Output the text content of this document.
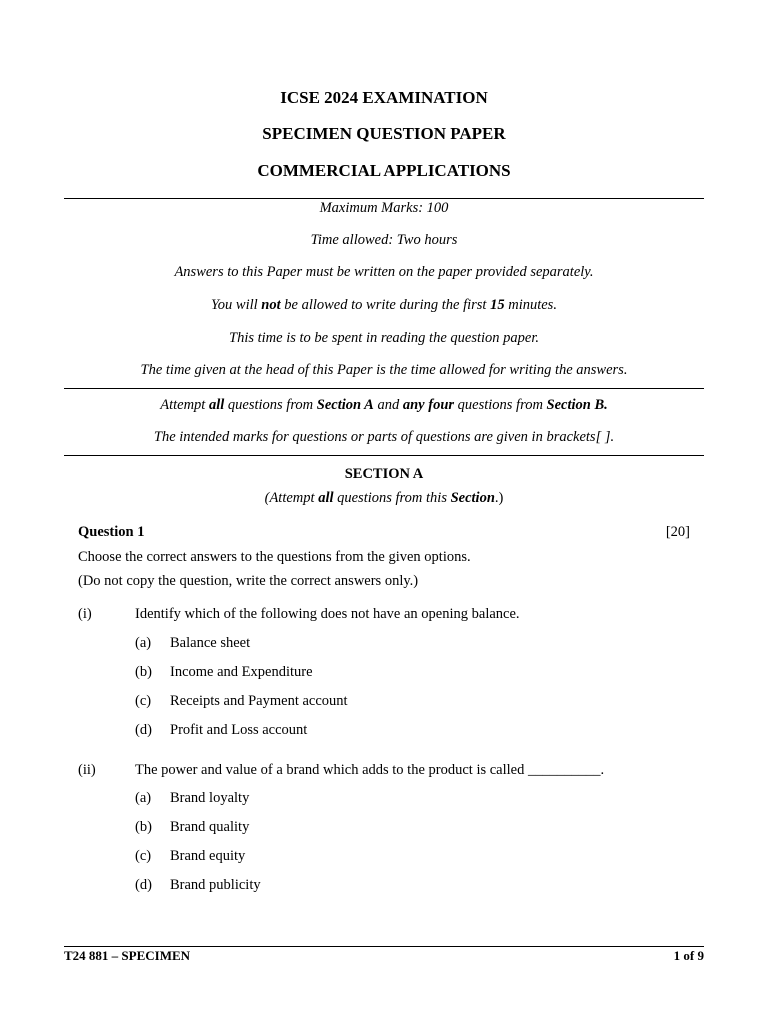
ICSE 2024 EXAMINATION
SPECIMEN QUESTION PAPER
COMMERCIAL APPLICATIONS
Maximum Marks: 100
Time allowed: Two hours
Answers to this Paper must be written on the paper provided separately.
You will not be allowed to write during the first 15 minutes.
This time is to be spent in reading the question paper.
The time given at the head of this Paper is the time allowed for writing the answers.
Attempt all questions from Section A and any four questions from Section B.
The intended marks for questions or parts of questions are given in brackets[ ].
SECTION A
(Attempt all questions from this Section.)
Question 1	[20]
Choose the correct answers to the questions from the given options.
(Do not copy the question, write the correct answers only.)
(i)	Identify which of the following does not have an opening balance.
(a) Balance sheet
(b) Income and Expenditure
(c) Receipts and Payment account
(d) Profit and Loss account
(ii)	The power and value of a brand which adds to the product is called __________.
(a) Brand loyalty
(b) Brand quality
(c) Brand equity
(d) Brand publicity
T24 881 – SPECIMEN	1 of 9
